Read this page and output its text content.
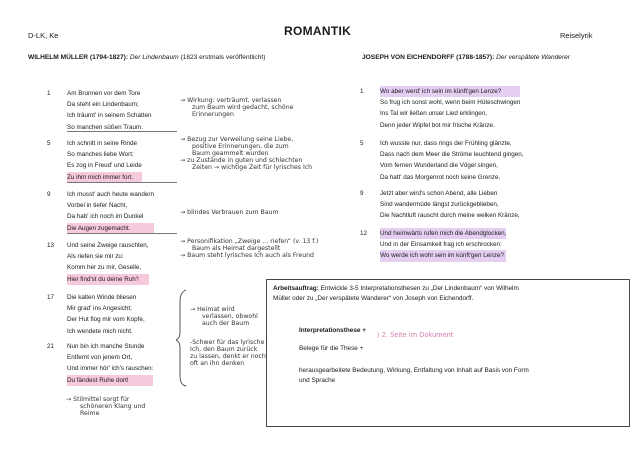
D-LK, Ke	ROMANTIK	Reiselyrik
WILHELM MÜLLER (1794-1827): Der Lindenbaum (1823 erstmals veröffentlicht)	JOSEPH VON EICHENDORFF (1788-1857): Der verspätete Wanderer
1	Am Brunnen vor dem Tore
Da steht ein Lindenbaum;
Ich träumt' in seinem Schatten
So manchen süßen Traum.
5	Ich schnitt in seine Rinde
So manches liebe Wort;
Es zog in Freud' und Leide
Zu ihm mich immer fort.
9	Ich musst' auch heute wandern
Vorbei in tiefer Nacht,
Da hab' ich noch im Dunkel
Die Augen zugemacht.
13 Und seine Zweige rauschten,
Als riefen sie mir zu:
Komm her zu mir, Geselle,
Hier find'st du deine Ruh'!
17 Die kalten Winde bliesen
Mir grad' ins Angesicht;
Der Hut flog mir vom Kopfe,
Ich wendete mich nicht.
21 Nun bin ich manche Stunde
Entfernt von jenem Ort,
Und immer hör' ich's rauschen:
Du fändest Ruhe dort!
→ Wirkung: verträumt, verlassen
zum Baum wird gedacht, schöne
Erinnerungen
→ Bezug zur Verweilung seine Liebe,
positive Erinnerungen, die zum
Baum geammelt wurden
→ zu Zustände in guten und schlechten
Zeiten → wichtige Zeit für lyrisches Ich
→ blindes Verbrauen zum Baum
→ Personifikation „Zweige ... riefen“ (v. 13 f.)
Baum als Heimat dargestellt
→ Baum steht lyrisches Ich auch als Freund
→ Heimat wird
verlassen, obwohl
auch der Baum
-Schwer für das lyrische
Ich, den Baum zurück
zu lassen, denkt er noch
oft an ihn denken
→ Stilmittel sorgt für
schöneren Klang und
Reime
1	Wo aber werd' ich sein im künft'gen Lenze?
So frug ich sonst wohl, wenn beim Hüteschwingen
Ins Tal wir ließen unser Lied erklingen,
Denn jeder Wipfel bot mir frische Kränze.
5	Ich wusste nur, dass rings der Frühling glänzte,
Dass nach dem Meer die Ströme leuchtend gingen,
Vom fernen Wunderland die Vögel singen,
Da hatt' das Morgenrot noch keine Grenze.
9	Jetzt aber wird's schon Abend, alle Lieben
Sind wandermüde längst zurückgeblieben,
Die Nachtluft rauscht durch meine welken Kränze,
12 Und heimwärts rufen mich die Abendglocken,
Und in der Einsamkeit frag ich erschrocken:
Wo werde ich wohl sein im künft'gen Lenze?
Arbeitsauftrag: Entwickle 3-5 Interpretationsthesen zu „Der Lindenbaum“ von Wilhelm
Müller oder zu „Der verspätete Wanderer“ von Joseph von Eichendorff.
Interpretationsthese +
⟩ 2. Seite im Dokument
Belege für die These +
herausgearbeitete Bedeutung, Wirkung, Entfaltung von Inhalt auf Basis von Form
und Sprache
